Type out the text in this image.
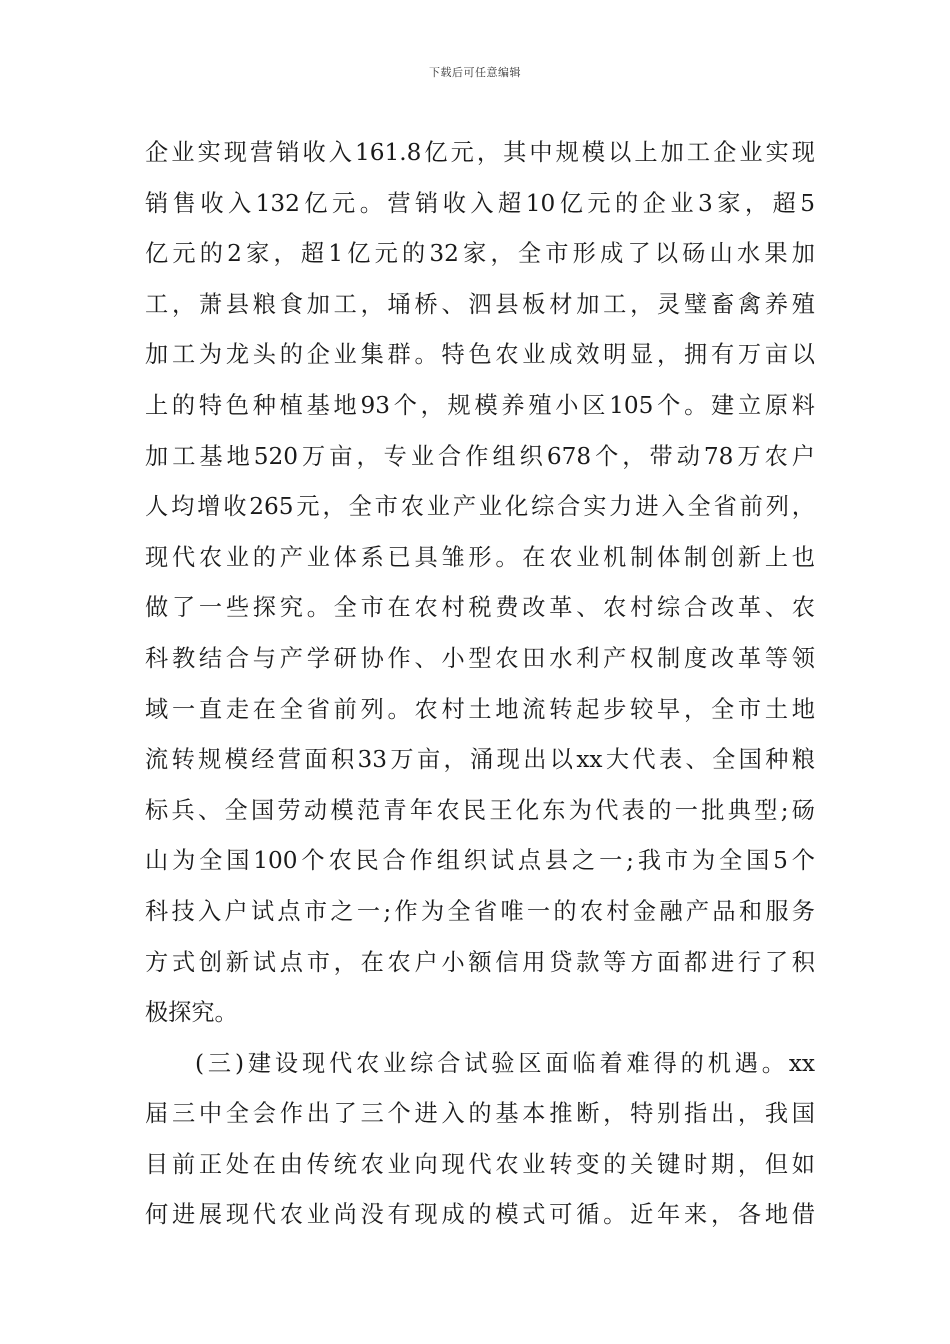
下载后可任意编辑
企业实现营销收入161.8亿元，其中规模以上加工企业实现
销售收入132亿元。营销收入超10亿元的企业3家，超5
亿元的2家，超1亿元的32家，全市形成了以砀山水果加
工，萧县粮食加工，埇桥、泗县板材加工，灵璧畜禽养殖
加工为龙头的企业集群。特色农业成效明显，拥有万亩以
上的特色种植基地93个，规模养殖小区105个。建立原料
加工基地520万亩，专业合作组织678个，带动78万农户
人均增收265元，全市农业产业化综合实力进入全省前列，
现代农业的产业体系已具雏形。在农业机制体制创新上也
做了一些探究。全市在农村税费改革、农村综合改革、农
科教结合与产学研协作、小型农田水利产权制度改革等领
域一直走在全省前列。农村土地流转起步较早，全市土地
流转规模经营面积33万亩，涌现出以xx大代表、全国种粮
标兵、全国劳动模范青年农民王化东为代表的一批典型;砀
山为全国100个农民合作组织试点县之一;我市为全国5个
科技入户试点市之一;作为全省唯一的农村金融产品和服务
方式创新试点市，在农户小额信用贷款等方面都进行了积
极探究。
(三)建设现代农业综合试验区面临着难得的机遇。xx
届三中全会作出了三个进入的基本推断，特别指出，我国
目前正处在由传统农业向现代农业转变的关键时期，但如
何进展现代农业尚没有现成的模式可循。近年来，各地借
